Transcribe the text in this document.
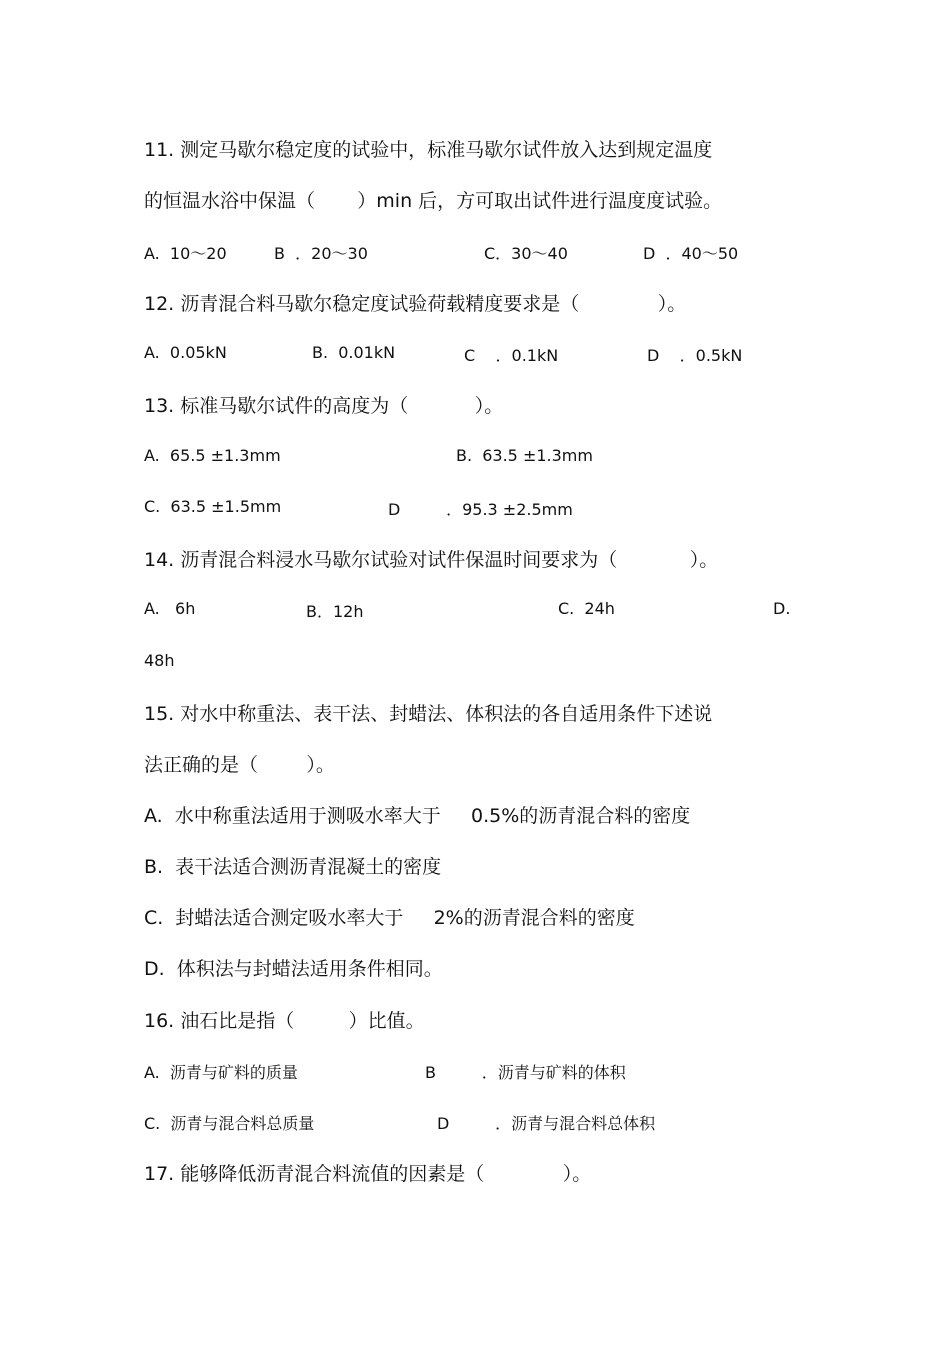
11. 测定马歇尔稳定度的试验中，标准马歇尔试件放入达到规定温度
的恒温水浴中保温（       ）min 后，方可取出试件进行温度度试验。
A.  10～20	B  ．20～30	C．30～40	D  ．40～50
12. 沥青混合料马歇尔稳定度试验荷载精度要求是（             ）。
A.  0.05kN	B.  0.01kN	C    ．0.1kN	D    ．0.5kN
13. 标准马歇尔试件的高度为（           ）。
A.  65.5 ±1.3mm	B.  63.5 ±1.3mm
C.  63.5 ±1.5mm	D         ．95.3 ±2.5mm
14. 沥青混合料浸水马歇尔试验对试件保温时间要求为（            ）。
A.   6h	B．12h	C.  24h	D.
48h
15. 对水中称重法、表干法、封蜡法、体积法的各自适用条件下述说
法正确的是（        ）。
A.  水中称重法适用于测吸水率大于     0.5%的沥青混合料的密度
B.  表干法适合测沥青混凝土的密度
C.  封蜡法适合测定吸水率大于     2%的沥青混合料的密度
D.  体积法与封蜡法适用条件相同。
16. 油石比是指（         ）比值。
A.  沥青与矿料的质量	B         ．沥青与矿料的体积
C.  沥青与混合料总质量	D         ．沥青与混合料总体积
17. 能够降低沥青混合料流值的因素是（             ）。
